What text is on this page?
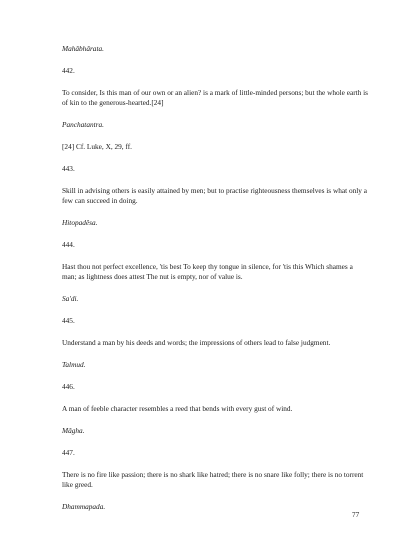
Mahâbhârata.

442.

To consider, Is this man of our own or an alien? is a mark of little-minded persons; but the whole earth is of kin to the generous-hearted.[24]

Panchatantra.

[24] Cf. Luke, X, 29, ff.

443.

Skill in advising others is easily attained by men; but to practise righteousness themselves is what only a few can succeed in doing.

Hitopadêsa.

444.

Hast thou not perfect excellence, 'tis best To keep thy tongue in silence, for 'tis this Which shames a man; as lightness does attest The nut is empty, nor of value is.

Sa'di.

445.

Understand a man by his deeds and words; the impressions of others lead to false judgment.

Talmud.

446.

A man of feeble character resembles a reed that bends with every gust of wind.

Mâgha.

447.

There is no fire like passion; there is no shark like hatred; there is no snare like folly; there is no torrent like greed.

Dhammapada.

77
